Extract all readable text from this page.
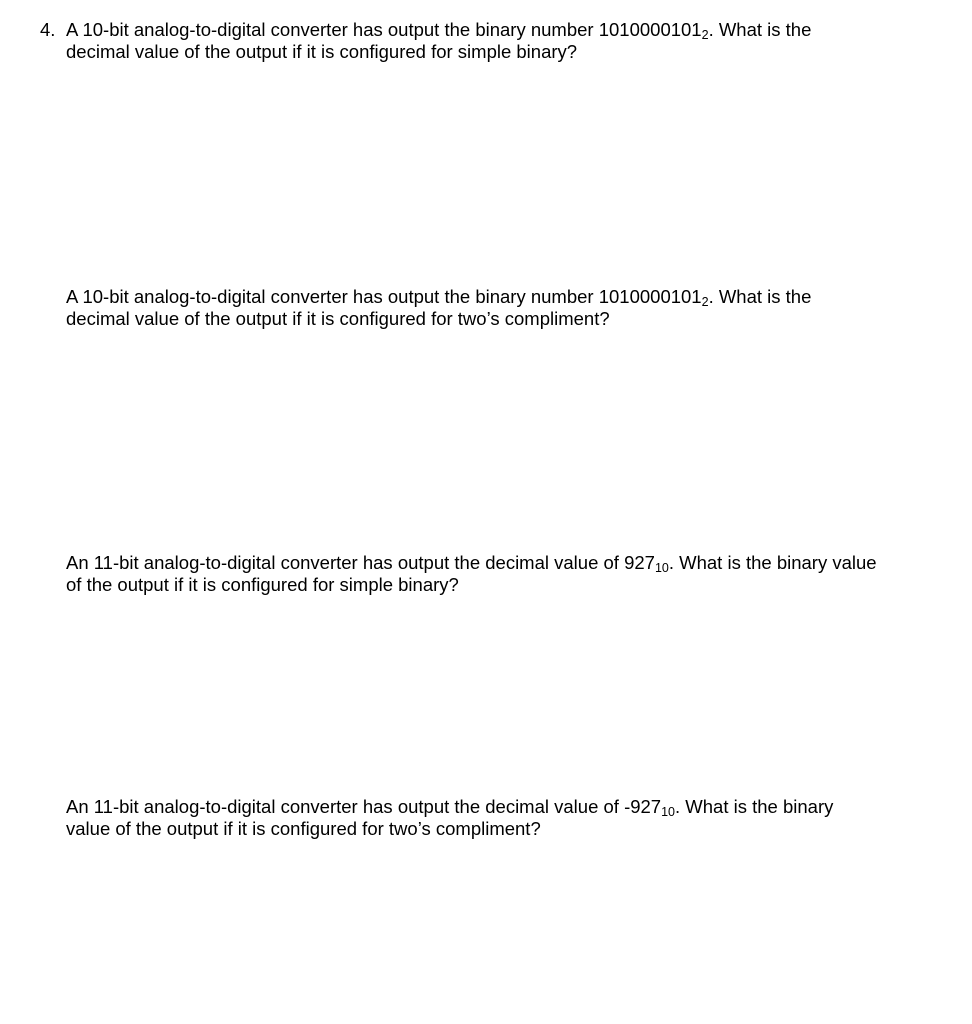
4. A 10-bit analog-to-digital converter has output the binary number $1010000101_2$. What is the
decimal value of the output if it is configured for simple binary?
A 10-bit analog-to-digital converter has output the binary number $1010000101_2$. What is the
decimal value of the output if it is configured for two’s compliment?
An 11-bit analog-to-digital converter has output the decimal value of $927_{10}$. What is the binary value
of the output if it is configured for simple binary?
An 11-bit analog-to-digital converter has output the decimal value of $-927_{10}$. What is the binary
value of the output if it is configured for two’s compliment?
